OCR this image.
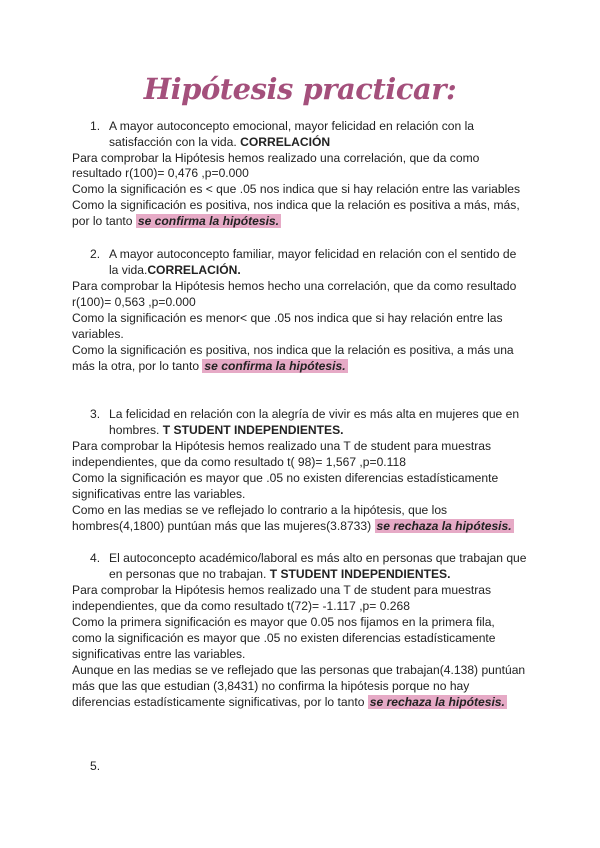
Hipótesis practicar:
1. A mayor autoconcepto emocional, mayor felicidad en relación con la
satisfacción con la vida. CORRELACIÓN
Para comprobar la Hipótesis hemos realizado una correlación, que da como
resultado r(100)= 0,476 ,p=0.000
Como la significación es < que .05 nos indica que si hay relación entre las variables
Como la significación es positiva, nos indica que la relación es positiva a más, más,
por lo tanto se confirma la hipótesis.
2. A mayor autoconcepto familiar, mayor felicidad en relación con el sentido de
la vida.CORRELACIÓN.
Para comprobar la Hipótesis hemos hecho una correlación, que da como resultado
r(100)= 0,563 ,p=0.000
Como la significación es menor< que .05 nos indica que si hay relación entre las
variables.
Como la significación es positiva, nos indica que la relación es positiva, a más una
más la otra, por lo tanto se confirma la hipótesis.
3. La felicidad en relación con la alegría de vivir es más alta en mujeres que en
hombres. T STUDENT INDEPENDIENTES.
Para comprobar la Hipótesis hemos realizado una T de student para muestras
independientes, que da como resultado t( 98)= 1,567 ,p=0.118
Como la significación es mayor que .05 no existen diferencias estadísticamente
significativas entre las variables.
Como en las medias se ve reflejado lo contrario a la hipótesis, que los
hombres(4,1800) puntúan más que las mujeres(3.8733) se rechaza la hipótesis.
4. El autoconcepto académico/laboral es más alto en personas que trabajan que
en personas que no trabajan. T STUDENT INDEPENDIENTES.
Para comprobar la Hipótesis hemos realizado una T de student para muestras
independientes, que da como resultado t(72)= -1.117 ,p= 0.268
Como la primera significación es mayor que 0.05 nos fijamos en la primera fila,
como la significación es mayor que .05 no existen diferencias estadísticamente
significativas entre las variables.
Aunque en las medias se ve reflejado que las personas que trabajan(4.138) puntúan
más que las que estudian (3,8431) no confirma la hipótesis porque no hay
diferencias estadísticamente significativas, por lo tanto se rechaza la hipótesis.
5.
